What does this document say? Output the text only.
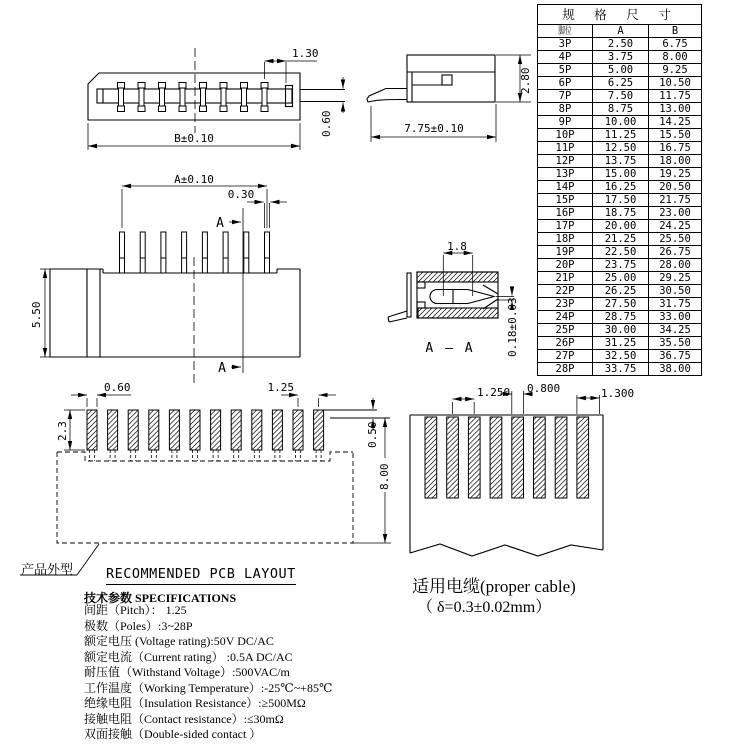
1.30
B±0.10
0.60	7.75±0.10
2.80
A±0.10
0.30
5.50
A
A
1.8
0.18±0.03
A — A
0.60	1.25
2.3	0.50
8.00
1.250 0.800	1.300
规 格 尺 寸		
脚位	A	B
3P	2.50	6.75
4P	3.75	8.00
5P	5.00	9.25
6P	6.25	10.50
7P	7.50	11.75
8P	8.75	13.00
9P	10.00	14.25
10P	11.25	15.50
11P	12.50	16.75
12P	13.75	18.00
13P	15.00	19.25
14P	16.25	20.50
15P	17.50	21.75
16P	18.75	23.00
17P	20.00	24.25
18P	21.25	25.50
19P	22.50	26.75
20P	23.75	28.00
21P	25.00	29.25
22P	26.25	30.50
23P	27.50	31.75
24P	28.75	33.00
25P	30.00	34.25
26P	31.25	35.50
27P	32.50	36.75
28P	33.75	38.00
产品外型 RECOMMENDED PCB LAYOUT
技术参数 SPECIFICATIONS
间距（Pitch）： 1.25
极数（Poles）:3~28P
额定电压 (Voltage rating):50V DC/AC
额定电流（Current rating） :0.5A DC/AC
耐压值（Withstand Voltage）:500VAC/m
工作温度（Working Temperature）:-25℃~+85℃
绝缘电阻（Insulation Resistance）:≥500MΩ
接触电阻（Contact resistance）:≤30mΩ
双面接触（Double-sided contact ）
适用电缆(proper cable)
（ δ=0.3±0.02mm）
